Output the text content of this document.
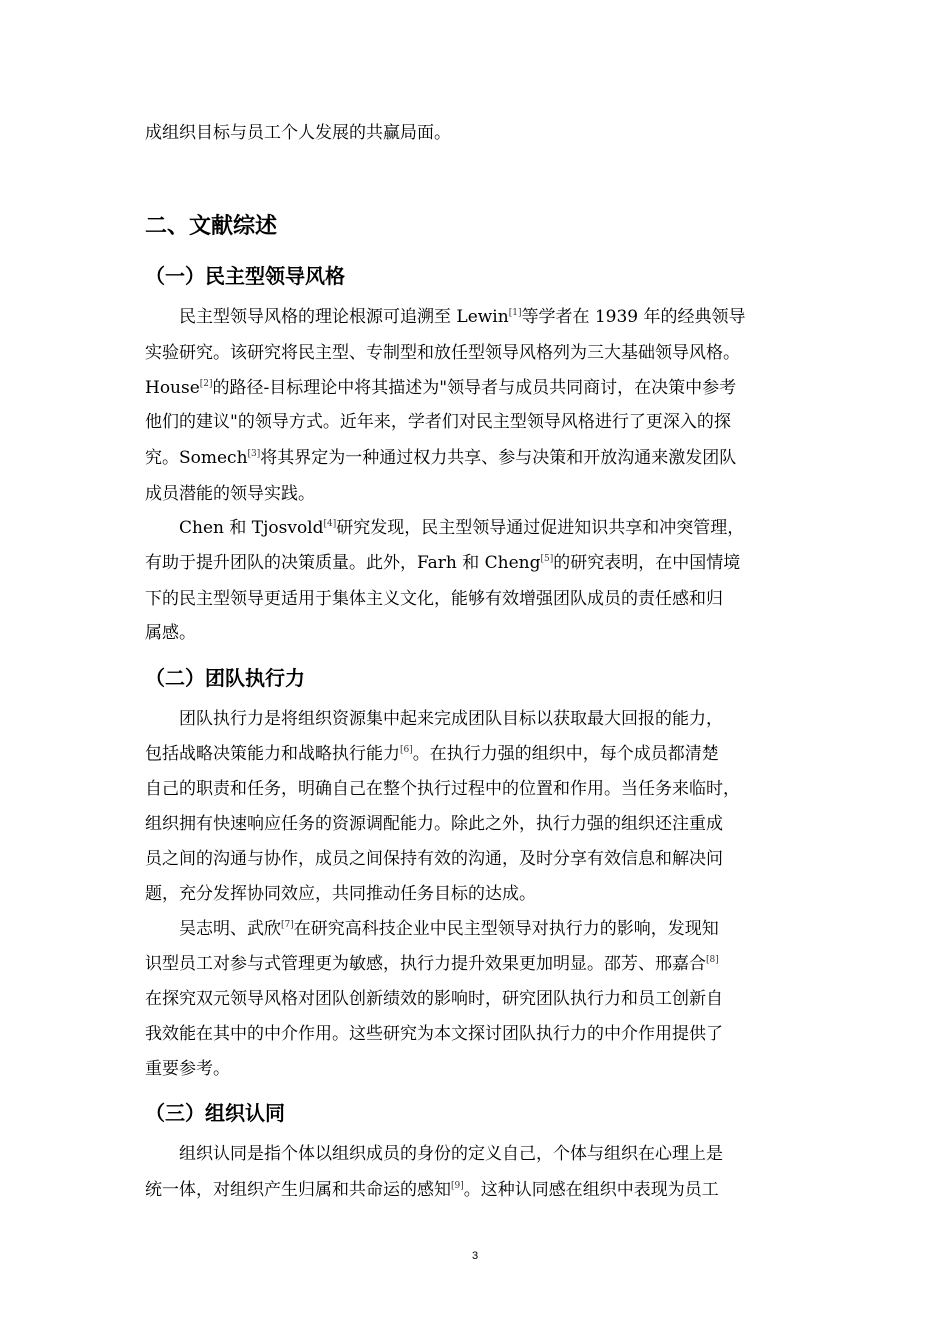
成组织目标与员工个人发展的共赢局面。
二、文献综述
（一）民主型领导风格
民主型领导风格的理论根源可追溯至 Lewin[1]等学者在 1939 年的经典领导
实验研究。该研究将民主型、专制型和放任型领导风格列为三大基础领导风格。
House[2]的路径-目标理论中将其描述为"领导者与成员共同商讨，在决策中参考
他们的建议"的领导方式。近年来，学者们对民主型领导风格进行了更深入的探
究。Somech[3]将其界定为一种通过权力共享、参与决策和开放沟通来激发团队
成员潜能的领导实践。
Chen 和 Tjosvold[4]研究发现，民主型领导通过促进知识共享和冲突管理，
有助于提升团队的决策质量。此外，Farh 和 Cheng[5]的研究表明，在中国情境
下的民主型领导更适用于集体主义文化，能够有效增强团队成员的责任感和归
属感。
（二）团队执行力
团队执行力是将组织资源集中起来完成团队目标以获取最大回报的能力，
包括战略决策能力和战略执行能力[6]。在执行力强的组织中，每个成员都清楚
自己的职责和任务，明确自己在整个执行过程中的位置和作用。当任务来临时，
组织拥有快速响应任务的资源调配能力。除此之外，执行力强的组织还注重成
员之间的沟通与协作，成员之间保持有效的沟通，及时分享有效信息和解决问
题，充分发挥协同效应，共同推动任务目标的达成。
吴志明、武欣[7]在研究高科技企业中民主型领导对执行力的影响，发现知
识型员工对参与式管理更为敏感，执行力提升效果更加明显。邵芳、邢嘉合[8]
在探究双元领导风格对团队创新绩效的影响时，研究团队执行力和员工创新自
我效能在其中的中介作用。这些研究为本文探讨团队执行力的中介作用提供了
重要参考。
（三）组织认同
组织认同是指个体以组织成员的身份的定义自己，个体与组织在心理上是
统一体，对组织产生归属和共命运的感知[9]。这种认同感在组织中表现为员工
3
